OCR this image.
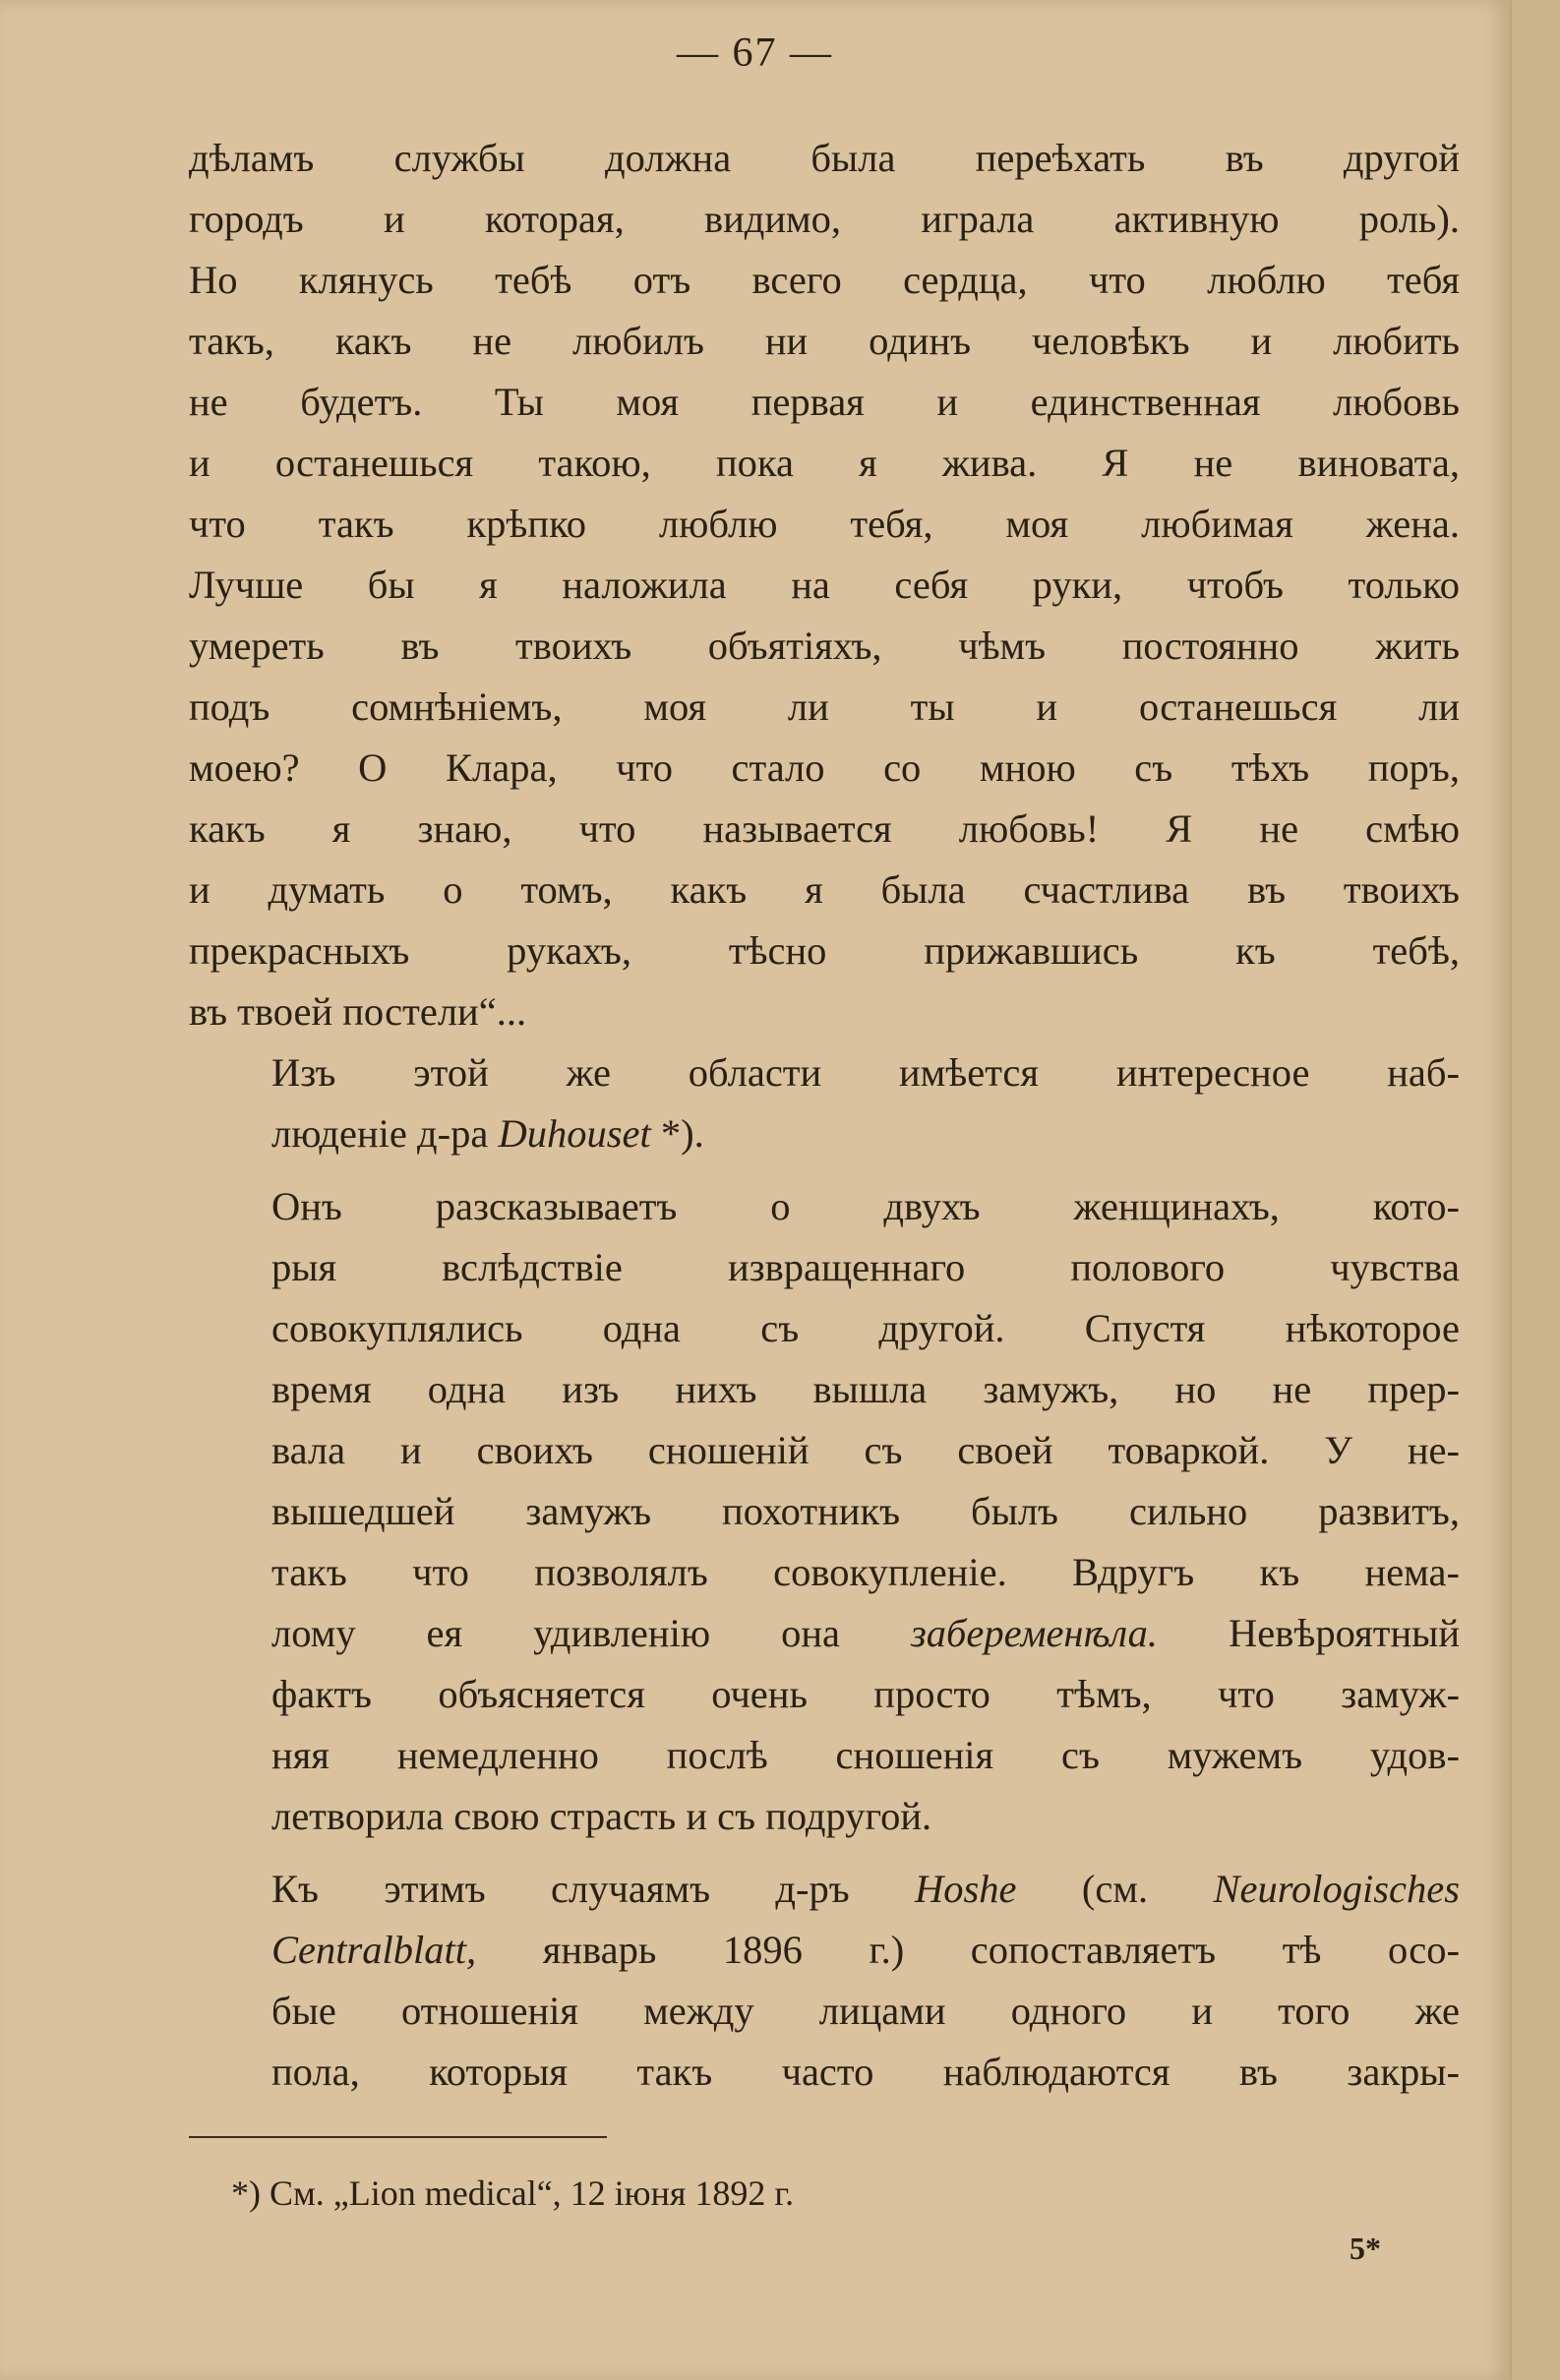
— 67 —

дѣламъ службы должна была переѣхать въ другой
городъ и которая, видимо, играла активную роль).
Но клянусь тебѣ отъ всего сердца, что люблю тебя
такъ, какъ не любилъ ни одинъ человѣкъ и любить
не будетъ. Ты моя первая и единственная любовь
и останешься такою, пока я жива. Я не виновата,
что такъ крѣпко люблю тебя, моя любимая жена.
Лучше бы я наложила на себя руки, чтобъ только
умереть въ твоихъ объятіяхъ, чѣмъ постоянно жить
подъ сомнѣніемъ, моя ли ты и останешься ли
моею? О Клара, что стало со мною съ тѣхъ поръ,
какъ я знаю, что называется любовь! Я не смѣю
и думать о томъ, какъ я была счастлива въ твоихъ
прекрасныхъ рукахъ, тѣсно прижавшись къ тебѣ,
въ твоей постели“...

Изъ этой же области имѣется интересное наб-
люденіе д-ра Duhouset *).

Онъ разсказываетъ о двухъ женщинахъ, кото-
рыя вслѣдствіе извращеннаго полового чувства
совокуплялись одна съ другой. Спустя нѣкоторое
время одна изъ нихъ вышла замужъ, но не прер-
вала и своихъ сношеній съ своей товаркой. У не-
вышедшей замужъ похотникъ былъ сильно развитъ,
такъ что позволялъ совокупленіе. Вдругъ къ нема-
лому ея удивленію она забеременѣла. Невѣроятный
фактъ объясняется очень просто тѣмъ, что замуж-
няя немедленно послѣ сношенія съ мужемъ удов-
летворила свою страсть и съ подругой.

Къ этимъ случаямъ д-ръ Hoshe (см. Neurologisches
Centralblatt, январь 1896 г.) сопоставляетъ тѣ осо-
бые отношенія между лицами одного и того же
пола, которыя такъ часто наблюдаются въ закры-

*) См. „Lion medical“, 12 іюня 1892 г.
5*
